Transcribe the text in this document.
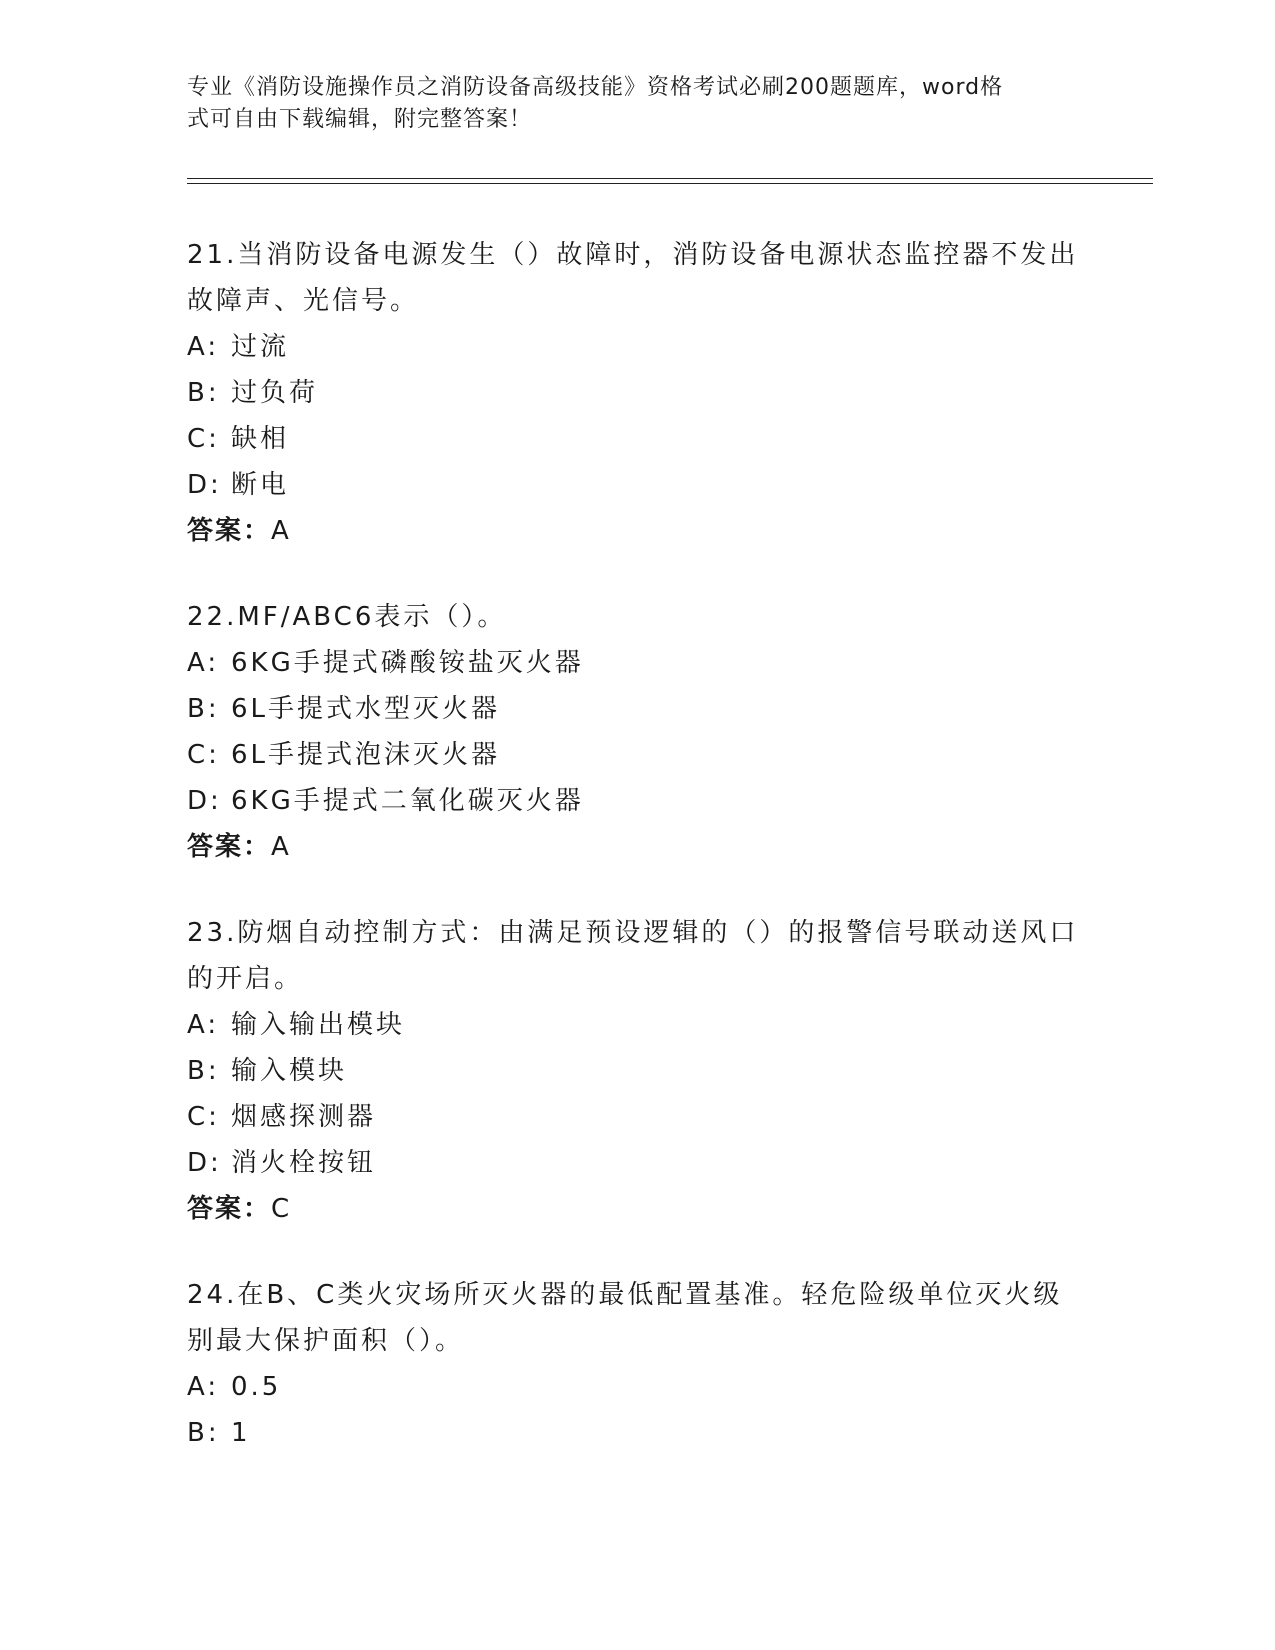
专业《消防设施操作员之消防设备高级技能》资格考试必刷200题题库，word格
式可自由下载编辑，附完整答案！
21.当消防设备电源发生（）故障时，消防设备电源状态监控器不发出故障声、光信号。
A: 过流
B: 过负荷
C: 缺相
D: 断电
答案：A
22.MF/ABC6表示（）。
A: 6KG手提式磷酸铵盐灭火器
B: 6L手提式水型灭火器
C: 6L手提式泡沫灭火器
D: 6KG手提式二氧化碳灭火器
答案：A
23.防烟自动控制方式：由满足预设逻辑的（）的报警信号联动送风口的开启。
A: 输入输出模块
B: 输入模块
C: 烟感探测器
D: 消火栓按钮
答案：C
24.在B、C类火灾场所灭火器的最低配置基准。轻危险级单位灭火级别最大保护面积（）。
A: 0.5
B: 1
